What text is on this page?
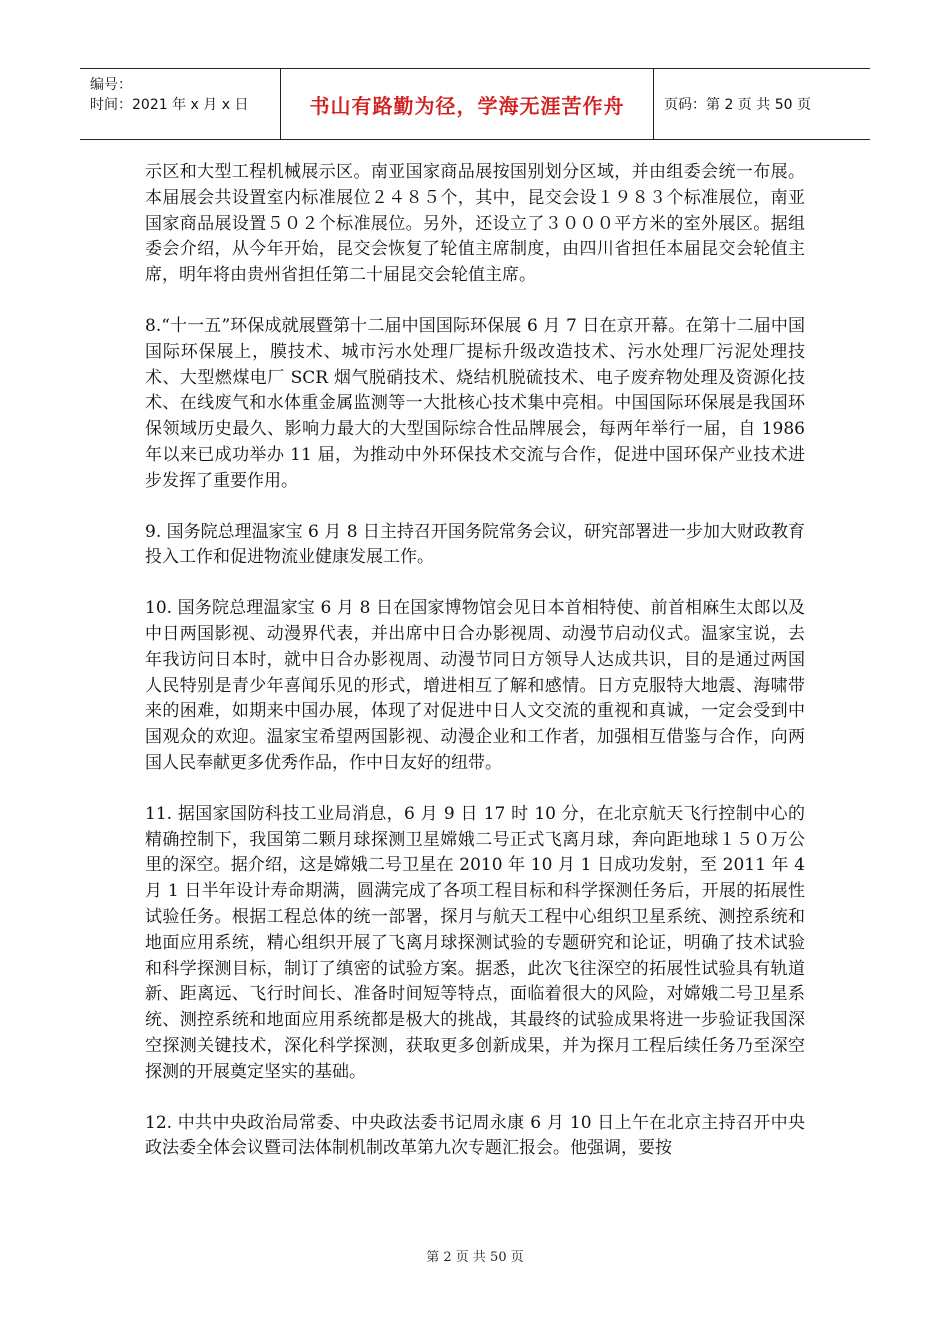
编号：
时间：2021 年 x 月 x 日	书山有路勤为径，学海无涯苦作舟	页码：第 2 页 共 50 页

示区和大型工程机械展示区。南亚国家商品展按国别划分区域，并由组委会统一布展。本届展会共设置室内标准展位２４８５个，其中，昆交会设１９８３个标准展位，南亚国家商品展设置５０２个标准展位。另外，还设立了３０００平方米的室外展区。据组委会介绍，从今年开始，昆交会恢复了轮值主席制度，由四川省担任本届昆交会轮值主席，明年将由贵州省担任第二十届昆交会轮值主席。

8.“十一五”环保成就展暨第十二届中国国际环保展 6 月 7 日在京开幕。在第十二届中国国际环保展上，膜技术、城市污水处理厂提标升级改造技术、污水处理厂污泥处理技术、大型燃煤电厂 SCR 烟气脱硝技术、烧结机脱硫技术、电子废弃物处理及资源化技术、在线废气和水体重金属监测等一大批核心技术集中亮相。中国国际环保展是我国环保领域历史最久、影响力最大的大型国际综合性品牌展会，每两年举行一届，自 1986 年以来已成功举办 11 届，为推动中外环保技术交流与合作，促进中国环保产业技术进步发挥了重要作用。

9. 国务院总理温家宝 6 月 8 日主持召开国务院常务会议，研究部署进一步加大财政教育投入工作和促进物流业健康发展工作。

10. 国务院总理温家宝 6 月 8 日在国家博物馆会见日本首相特使、前首相麻生太郎以及中日两国影视、动漫界代表，并出席中日合办影视周、动漫节启动仪式。温家宝说，去年我访问日本时，就中日合办影视周、动漫节同日方领导人达成共识，目的是通过两国人民特别是青少年喜闻乐见的形式，增进相互了解和感情。日方克服特大地震、海啸带来的困难，如期来中国办展，体现了对促进中日人文交流的重视和真诚，一定会受到中国观众的欢迎。温家宝希望两国影视、动漫企业和工作者，加强相互借鉴与合作，向两国人民奉献更多优秀作品，作中日友好的纽带。

11. 据国家国防科技工业局消息，6 月 9 日 17 时 10 分，在北京航天飞行控制中心的精确控制下，我国第二颗月球探测卫星嫦娥二号正式飞离月球，奔向距地球１５０万公里的深空。据介绍，这是嫦娥二号卫星在 2010 年 10 月 1 日成功发射，至 2011 年 4 月 1 日半年设计寿命期满，圆满完成了各项工程目标和科学探测任务后，开展的拓展性试验任务。根据工程总体的统一部署，探月与航天工程中心组织卫星系统、测控系统和地面应用系统，精心组织开展了飞离月球探测试验的专题研究和论证，明确了技术试验和科学探测目标，制订了缜密的试验方案。据悉，此次飞往深空的拓展性试验具有轨道新、距离远、飞行时间长、准备时间短等特点，面临着很大的风险，对嫦娥二号卫星系统、测控系统和地面应用系统都是极大的挑战，其最终的试验成果将进一步验证我国深空探测关键技术，深化科学探测，获取更多创新成果，并为探月工程后续任务乃至深空探测的开展奠定坚实的基础。

12. 中共中央政治局常委、中央政法委书记周永康 6 月 10 日上午在北京主持召开中央政法委全体会议暨司法体制机制改革第九次专题汇报会。他强调，要按

第 2 页 共 50 页
